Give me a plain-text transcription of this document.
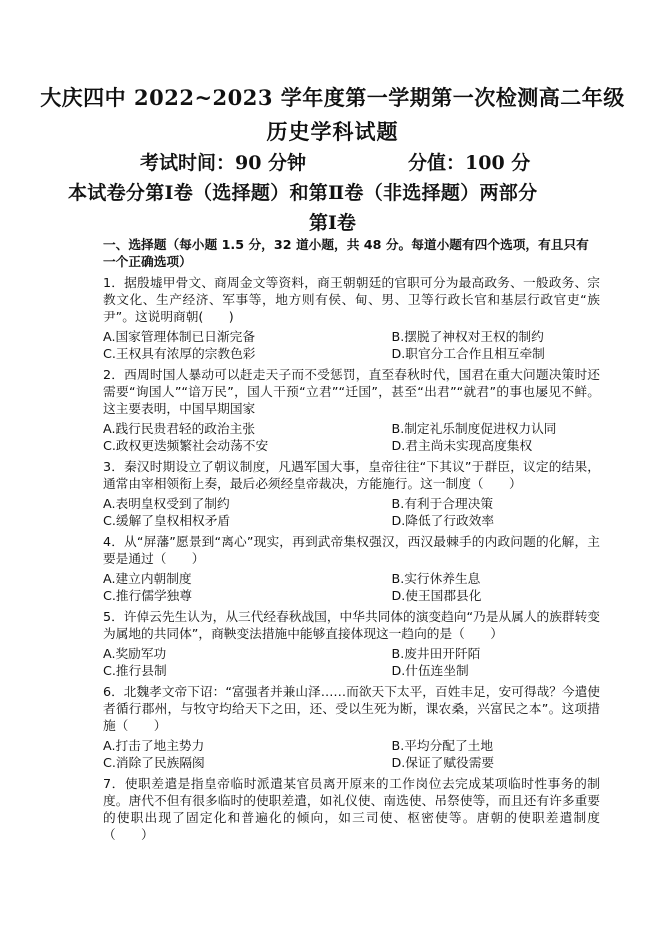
大庆四中 2022~2023 学年度第一学期第一次检测高二年级
历史学科试题
考试时间：90 分钟	分值：100 分
本试卷分第Ⅰ卷（选择题）和第Ⅱ卷（非选择题）两部分
第Ⅰ卷
一、选择题（每小题 1.5 分，32 道小题，共 48 分。每道小题有四个选项，有且只有一个正确选项）
1．据殷墟甲骨文、商周金文等资料，商王朝朝廷的官职可分为最高政务、一般政务、宗教文化、生产经济、军事等，地方则有侯、甸、男、卫等行政长官和基层行政官吏“族尹”。这说明商朝(　　)
A.国家管理体制已日渐完备	B.摆脱了神权对王权的制约
C.王权具有浓厚的宗教色彩	D.职官分工合作且相互牵制
2．西周时国人暴动可以赶走天子而不受惩罚，直至春秋时代，国君在重大问题决策时还需要“询国人”“谙万民”，国人干预“立君”“迁国”，甚至“出君”“就君”的事也屡见不鲜。这主要表明，中国早期国家
A.践行民贵君轻的政治主张	B.制定礼乐制度促进权力认同
C.政权更迭频繁社会动荡不安	D.君主尚未实现高度集权
3．秦汉时期设立了朝议制度，凡遇军国大事，皇帝往往“下其议”于群臣，议定的结果，通常由宰相领衔上奏，最后必须经皇帝裁决，方能施行。这一制度（　　）
A.表明皇权受到了制约	B.有利于合理决策
C.缓解了皇权相权矛盾	D.降低了行政效率
4．从“屏藩”愿景到“离心”现实，再到武帝集权强汉，西汉最棘手的内政问题的化解，主要是通过（　　）
A.建立内朝制度	B.实行休养生息
C.推行儒学独尊	D.使王国郡县化
5．许倬云先生认为，从三代经春秋战国，中华共同体的演变趋向“乃是从属人的族群转变为属地的共同体”，商鞅变法措施中能够直接体现这一趋向的是（　　）
A.奖励军功	B.废井田开阡陌
C.推行县制	D.什伍连坐制
6．北魏孝文帝下诏：“富强者并兼山泽……而欲天下太平，百姓丰足，安可得哉？今遣使者循行郡州，与牧守均给天下之田，还、受以生死为断，课农桑，兴富民之本”。这项措施（　　）
A.打击了地主势力	B.平均分配了土地
C.消除了民族隔阂	D.保证了赋役需要
7．使职差遣是指皇帝临时派遣某官员离开原来的工作岗位去完成某项临时性事务的制度。唐代不但有很多临时的使职差遣，如礼仪使、南选使、吊祭使等，而且还有许多重要的使职出现了固定化和普遍化的倾向，如三司使、枢密使等。唐朝的使职差遣制度（　　）
